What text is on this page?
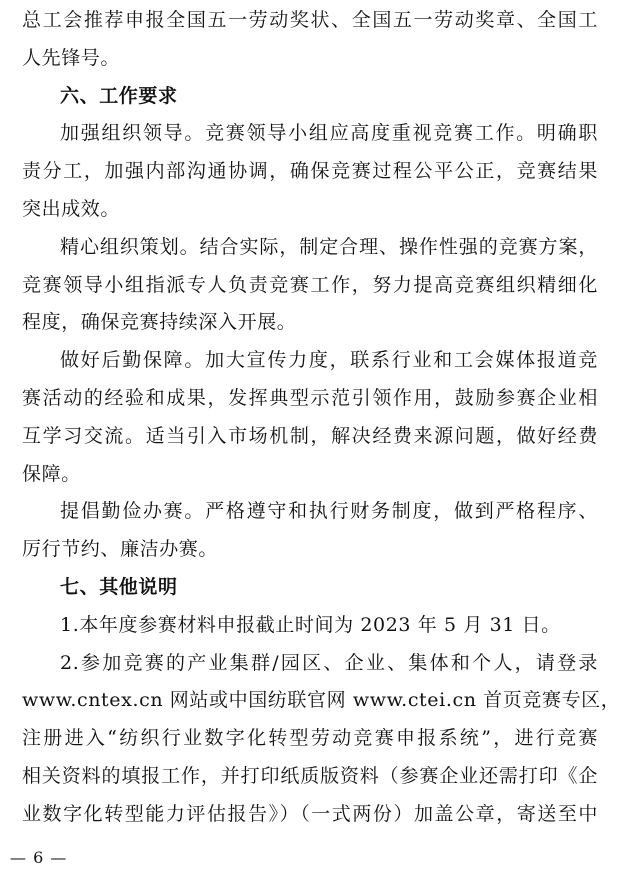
总工会推荐申报全国五一劳动奖状、全国五一劳动奖章、全国工
人先锋号。
六、工作要求
加强组织领导。竞赛领导小组应高度重视竞赛工作。明确职
责分工，加强内部沟通协调，确保竞赛过程公平公正，竞赛结果
突出成效。
精心组织策划。结合实际，制定合理、操作性强的竞赛方案，
竞赛领导小组指派专人负责竞赛工作，努力提高竞赛组织精细化
程度，确保竞赛持续深入开展。
做好后勤保障。加大宣传力度，联系行业和工会媒体报道竞
赛活动的经验和成果，发挥典型示范引领作用，鼓励参赛企业相
互学习交流。适当引入市场机制，解决经费来源问题，做好经费
保障。
提倡勤俭办赛。严格遵守和执行财务制度，做到严格程序、
厉行节约、廉洁办赛。
七、其他说明
1.本年度参赛材料申报截止时间为 2023 年 5 月 31 日。
2.参加竞赛的产业集群/园区、企业、集体和个人，请登录
www.cntex.cn 网站或中国纺联官网 www.ctei.cn 首页竞赛专区，
注册进入“纺织行业数字化转型劳动竞赛申报系统”，进行竞赛
相关资料的填报工作，并打印纸质版资料（参赛企业还需打印《企
业数字化转型能力评估报告》）（一式两份）加盖公章，寄送至中
— 6 —
